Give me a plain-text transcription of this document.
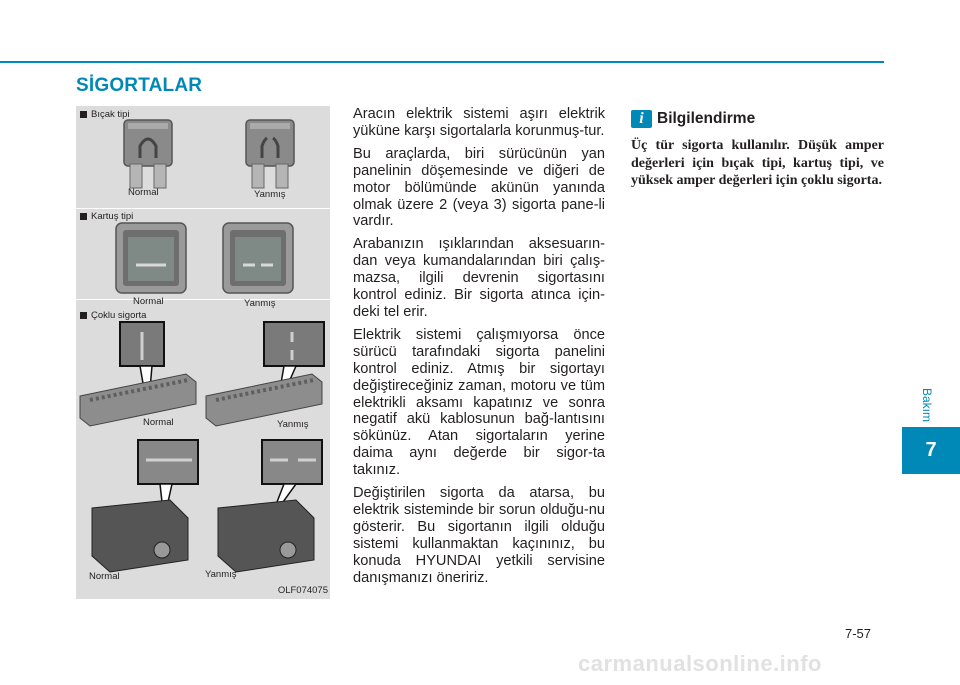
SİGORTALAR
Bıçak tipi
Normal	Yanmış
Kartuş tipi
Normal	Yanmış
Çoklu sigorta
Normal	Yanmış
Normal	Yanmış
OLF074075

Aracın elektrik sistemi aşırı elektrik yüküne karşı sigortalarla korunmuş-tur.

Bu araçlarda, biri sürücünün yan panelinin döşemesinde ve diğeri de motor bölümünde akünün yanında olmak üzere 2 (veya 3) sigorta pane-li vardır.

Arabanızın ışıklarından aksesuarın-dan veya kumandalarından biri çalış-mazsa, ilgili devrenin sigortasını kontrol ediniz. Bir sigorta atınca için-deki tel erir.

Elektrik sistemi çalışmıyorsa önce sürücü tarafındaki sigorta panelini kontrol ediniz. Atmış bir sigortayı değiştireceğiniz zaman, motoru ve tüm elektrikli aksamı kapatınız ve sonra negatif akü kablosunun bağ-lantısını sökünüz. Atan sigortaların yerine daima aynı değerde bir sigor-ta takınız.

Değiştirilen sigorta da atarsa, bu elektrik sisteminde bir sorun olduğu-nu gösterir. Bu sigortanın ilgili olduğu sistemi kullanmaktan kaçınınız, bu konuda HYUNDAI yetkili servisine danışmanızı öneririz.

i Bilgilendirme
Üç tür sigorta kullanılır. Düşük amper değerleri için bıçak tipi, kartuş tipi, ve yüksek amper değerleri için çoklu sigorta.
Bakım
7
7-57
carmanualsonline.info
